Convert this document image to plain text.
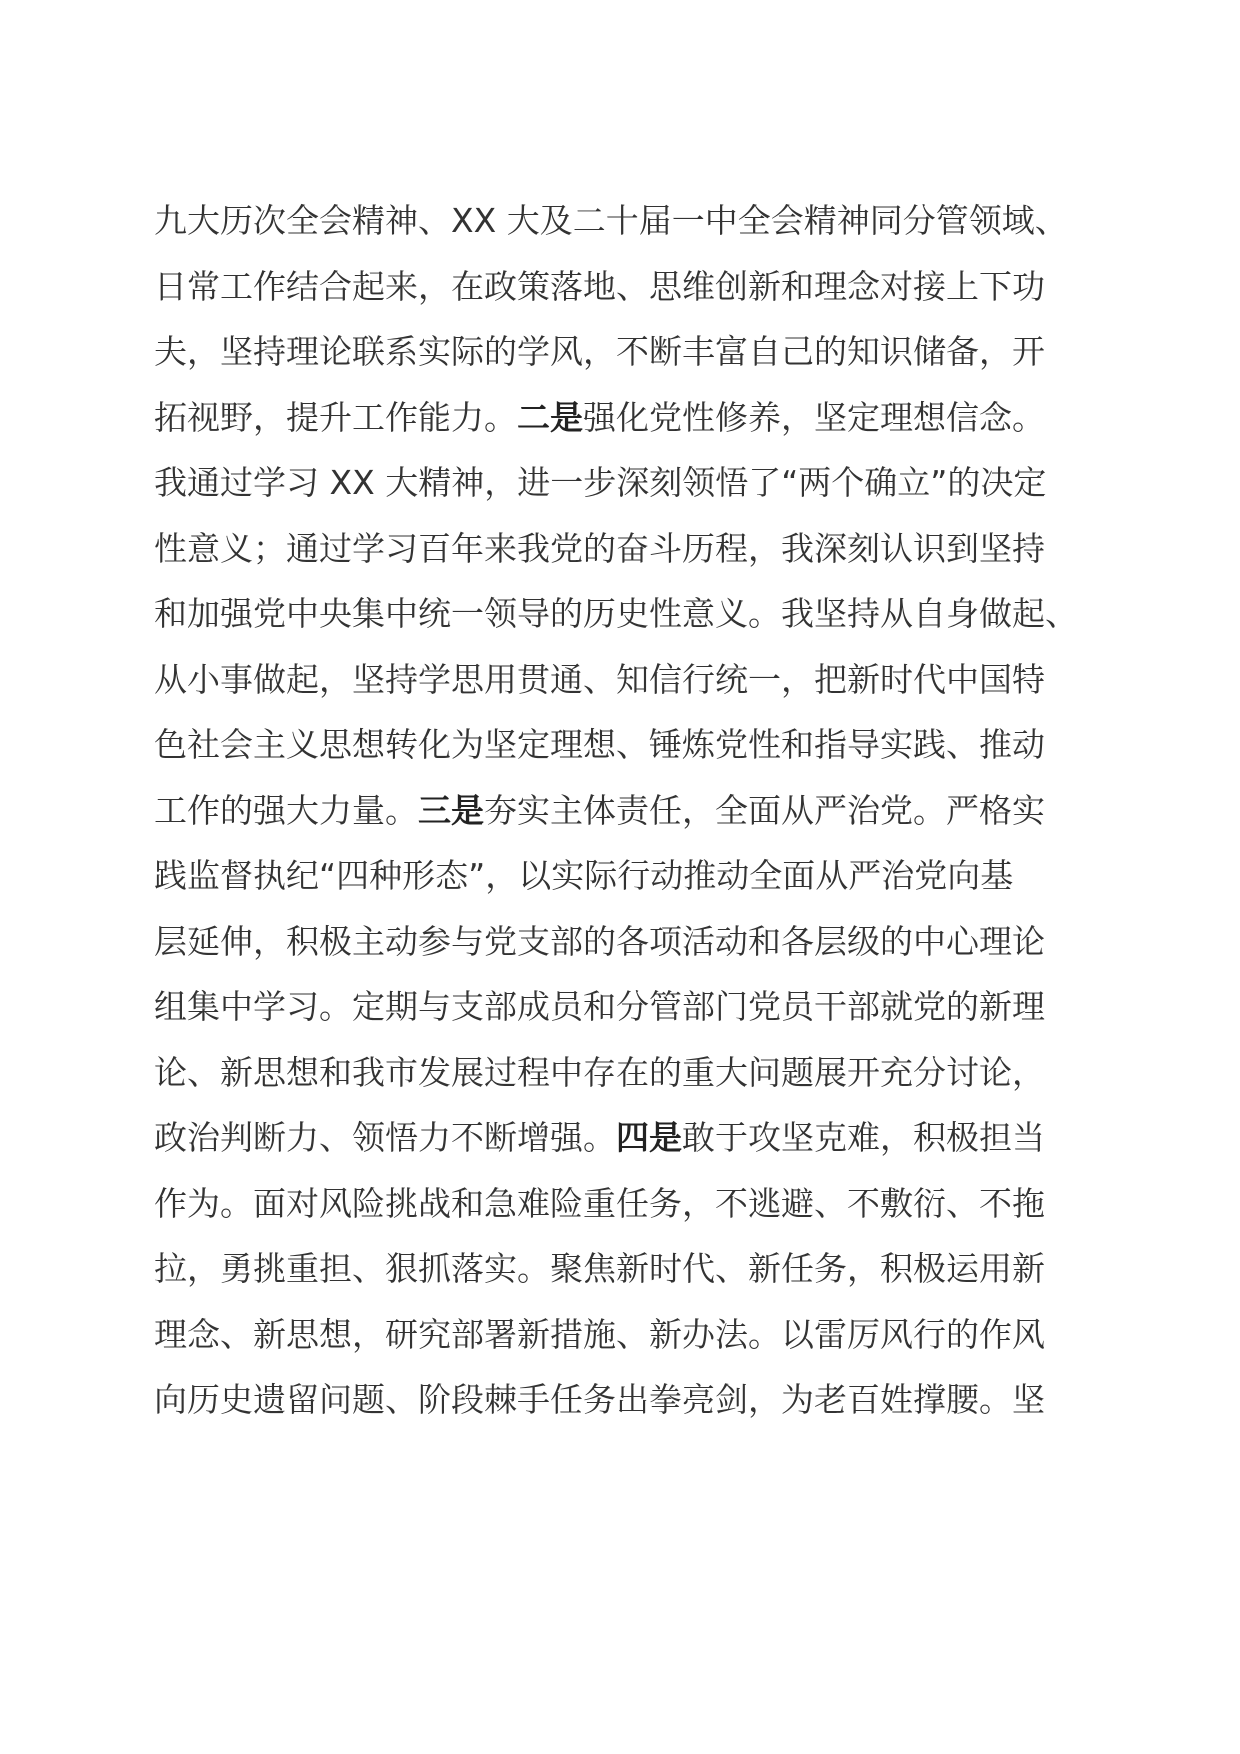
九大历次全会精神、XX 大及二十届一中全会精神同分管领域、
日常工作结合起来，在政策落地、思维创新和理念对接上下功
夫，坚持理论联系实际的学风，不断丰富自己的知识储备，开
拓视野，提升工作能力。二是强化党性修养，坚定理想信念。
我通过学习 XX 大精神，进一步深刻领悟了“两个确立”的决定
性意义；通过学习百年来我党的奋斗历程，我深刻认识到坚持
和加强党中央集中统一领导的历史性意义。我坚持从自身做起、
从小事做起，坚持学思用贯通、知信行统一，把新时代中国特
色社会主义思想转化为坚定理想、锤炼党性和指导实践、推动
工作的强大力量。三是夯实主体责任，全面从严治党。严格实
践监督执纪“四种形态”，以实际行动推动全面从严治党向基
层延伸，积极主动参与党支部的各项活动和各层级的中心理论
组集中学习。定期与支部成员和分管部门党员干部就党的新理
论、新思想和我市发展过程中存在的重大问题展开充分讨论，
政治判断力、领悟力不断增强。四是敢于攻坚克难，积极担当
作为。面对风险挑战和急难险重任务，不逃避、不敷衍、不拖
拉，勇挑重担、狠抓落实。聚焦新时代、新任务，积极运用新
理念、新思想，研究部署新措施、新办法。以雷厉风行的作风
向历史遗留问题、阶段棘手任务出拳亮剑，为老百姓撑腰。坚
